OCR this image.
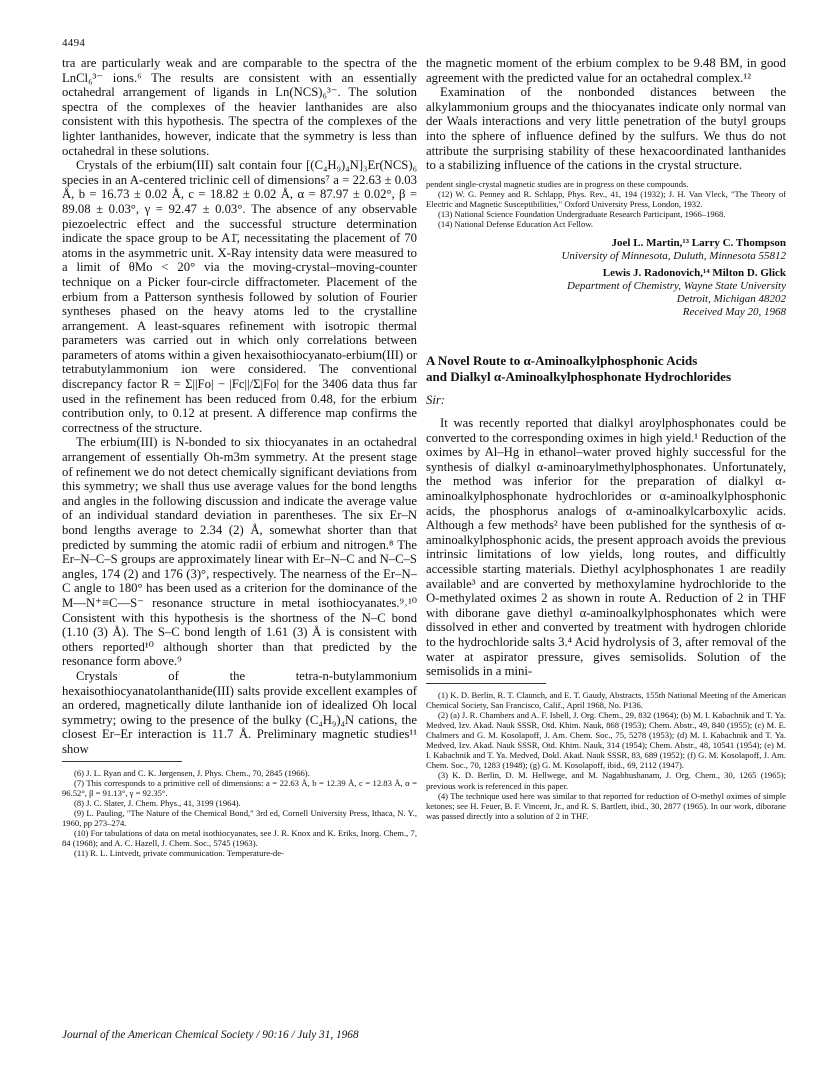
4494

tra are particularly weak and are comparable to the spectra of the LnCl₆³⁻ ions.⁶ The results are consistent with an essentially octahedral arrangement of ligands in Ln(NCS)₆³⁻. The solution spectra of the complexes of the heavier lanthanides are also consistent with this hypothesis. The spectra of the complexes of the lighter lanthanides, however, indicate that the symmetry is less than octahedral in these solutions.

Crystals of the erbium(III) salt contain four [(C₄H₉)₄N]₃Er(NCS)₆ species in an A-centered triclinic cell of dimensions⁷ a = 22.63 ± 0.03 Å, b = 16.73 ± 0.02 Å, c = 18.82 ± 0.02 Å, α = 87.97 ± 0.02°, β = 89.08 ± 0.03°, γ = 92.47 ± 0.03°. The absence of any observable piezoelectric effect and the successful structure determination indicate the space group to be A1̄, necessitating the placement of 70 atoms in the asymmetric unit. X-Ray intensity data were measured to a limit of θMo < 20° via the moving-crystal–moving-counter technique on a Picker four-circle diffractometer. Placement of the erbium from a Patterson synthesis followed by solution of Fourier syntheses phased on the heavy atoms led to the crystalline arrangement. A least-squares refinement with isotropic thermal parameters was carried out in which only correlations between parameters of atoms within a given hexaisothiocyanato-erbium(III) or tetrabutylammonium ion were considered. The conventional discrepancy factor R = Σ||Fo| − |Fc||/Σ|Fo| for the 3406 data thus far used in the refinement has been reduced from 0.48, for the erbium contribution only, to 0.12 at present. A difference map confirms the correctness of the structure.

The erbium(III) is N-bonded to six thiocyanates in an octahedral arrangement of essentially Oh-m3m symmetry. At the present stage of refinement we do not detect chemically significant deviations from this symmetry; we shall thus use average values for the bond lengths and angles in the following discussion and indicate the average value of an individual standard deviation in parentheses. The six Er–N bond lengths average to 2.34 (2) Å, somewhat shorter than that predicted by summing the atomic radii of erbium and nitrogen.⁸ The Er–N–C–S groups are approximately linear with Er–N–C and N–C–S angles, 174 (2) and 176 (3)°, respectively. The nearness of the Er–N–C angle to 180° has been used as a criterion for the dominance of the M—N⁺≡C—S⁻ resonance structure in metal isothiocyanates.⁹˒¹⁰ Consistent with this hypothesis is the shortness of the N–C bond (1.10 (3) Å). The S–C bond length of 1.61 (3) Å is consistent with others reported¹⁰ although shorter than that predicted by the resonance form above.⁹

Crystals of the tetra-n-butylammonium hexaisothiocyanatolanthanide(III) salts provide excellent examples of an ordered, magnetically dilute lanthanide ion of idealized Oh local symmetry; owing to the presence of the bulky (C₄H₉)₄N cations, the closest Er–Er interaction is 11.7 Å. Preliminary magnetic studies¹¹ show

(6) J. L. Ryan and C. K. Jørgensen, J. Phys. Chem., 70, 2845 (1966).

(7) This corresponds to a primitive cell of dimensions: a = 22.63 Å, b = 12.39 Å, c = 12.83 Å, α = 96.52°, β = 91.13°, γ = 92.35°.

(8) J. C. Slater, J. Chem. Phys., 41, 3199 (1964).

(9) L. Pauling, "The Nature of the Chemical Bond," 3rd ed, Cornell University Press, Ithaca, N. Y., 1960, pp 273–274.

(10) For tabulations of data on metal isothiocyanates, see J. R. Knox and K. Eriks, Inorg. Chem., 7, 84 (1968); and A. C. Hazell, J. Chem. Soc., 5745 (1963).

(11) R. L. Lintvedt, private communication. Temperature-de-

the magnetic moment of the erbium complex to be 9.48 BM, in good agreement with the predicted value for an octahedral complex.¹²

Examination of the nonbonded distances between the alkylammonium groups and the thiocyanates indicate only normal van der Waals interactions and very little penetration of the butyl groups into the sphere of influence defined by the sulfurs. We thus do not attribute the surprising stability of these hexacoordinated lanthanides to a stabilizing influence of the cations in the crystal structure.

pendent single-crystal magnetic studies are in progress on these compounds.

(12) W. G. Penney and R. Schlapp, Phys. Rev., 41, 194 (1932); J. H. Van Vleck, "The Theory of Electric and Magnetic Susceptibilities," Oxford University Press, London, 1932.

(13) National Science Foundation Undergraduate Research Participant, 1966–1968.

(14) National Defense Education Act Fellow.

Joel L. Martin,¹³ Larry C. Thompson
University of Minnesota, Duluth, Minnesota 55812
Lewis J. Radonovich,¹⁴ Milton D. Glick
Department of Chemistry, Wayne State University
Detroit, Michigan 48202
Received May 20, 1968
A Novel Route to α-Aminoalkylphosphonic Acids
and Dialkyl α-Aminoalkylphosphonate Hydrochlorides
Sir:

It was recently reported that dialkyl aroylphosphonates could be converted to the corresponding oximes in high yield.¹ Reduction of the oximes by Al–Hg in ethanol–water proved highly successful for the synthesis of dialkyl α-aminoarylmethylphosphonates. Unfortunately, the method was inferior for the preparation of dialkyl α-aminoalkylphosphonate hydrochlorides or α-aminoalkylphosphonic acids, the phosphorus analogs of α-aminoalkylcarboxylic acids. Although a few methods² have been published for the synthesis of α-aminoalkylphosphonic acids, the present approach avoids the previous intrinsic limitations of low yields, long routes, and difficultly accessible starting materials. Diethyl acylphosphonates 1 are readily available³ and are converted by methoxylamine hydrochloride to the O-methylated oximes 2 as shown in route A. Reduction of 2 in THF with diborane gave diethyl α-aminoalkylphosphonates which were dissolved in ether and converted by treatment with hydrogen chloride to the hydrochloride salts 3.⁴ Acid hydrolysis of 3, after removal of the water at aspirator pressure, gives semisolids. Solution of the semisolids in a mini-

(1) K. D. Berlin, R. T. Claunch, and E. T. Gaudy, Abstracts, 155th National Meeting of the American Chemical Society, San Francisco, Calif., April 1968, No. P136.

(2) (a) J. R. Chambers and A. F. Isbell, J. Org. Chem., 29, 832 (1964); (b) M. I. Kabachnik and T. Ya. Medved, Izv. Akad. Nauk SSSR, Otd. Khim. Nauk, 868 (1953); Chem. Abstr., 49, 840 (1955); (c) M. E. Chalmers and G. M. Kosolapoff, J. Am. Chem. Soc., 75, 5278 (1953); (d) M. I. Kabachnik and T. Ya. Medved, Izv. Akad. Nauk SSSR, Otd. Khim. Nauk, 314 (1954); Chem. Abstr., 48, 10541 (1954); (e) M. I. Kabachnik and T. Ya. Medved, Dokl. Akad. Nauk SSSR, 83, 689 (1952); (f) G. M. Kosolapoff, J. Am. Chem. Soc., 70, 1283 (1948); (g) G. M. Kosolapoff, ibid., 69, 2112 (1947).

(3) K. D. Berlin, D. M. Hellwege, and M. Nagabhushanam, J. Org. Chem., 30, 1265 (1965); previous work is referenced in this paper.

(4) The technique used here was similar to that reported for reduction of O-methyl oximes of simple ketones; see H. Feuer, B. F. Vincent, Jr., and R. S. Bartlett, ibid., 30, 2877 (1965). In our work, diborane was passed directly into a solution of 2 in THF.

Journal of the American Chemical Society / 90:16 / July 31, 1968
